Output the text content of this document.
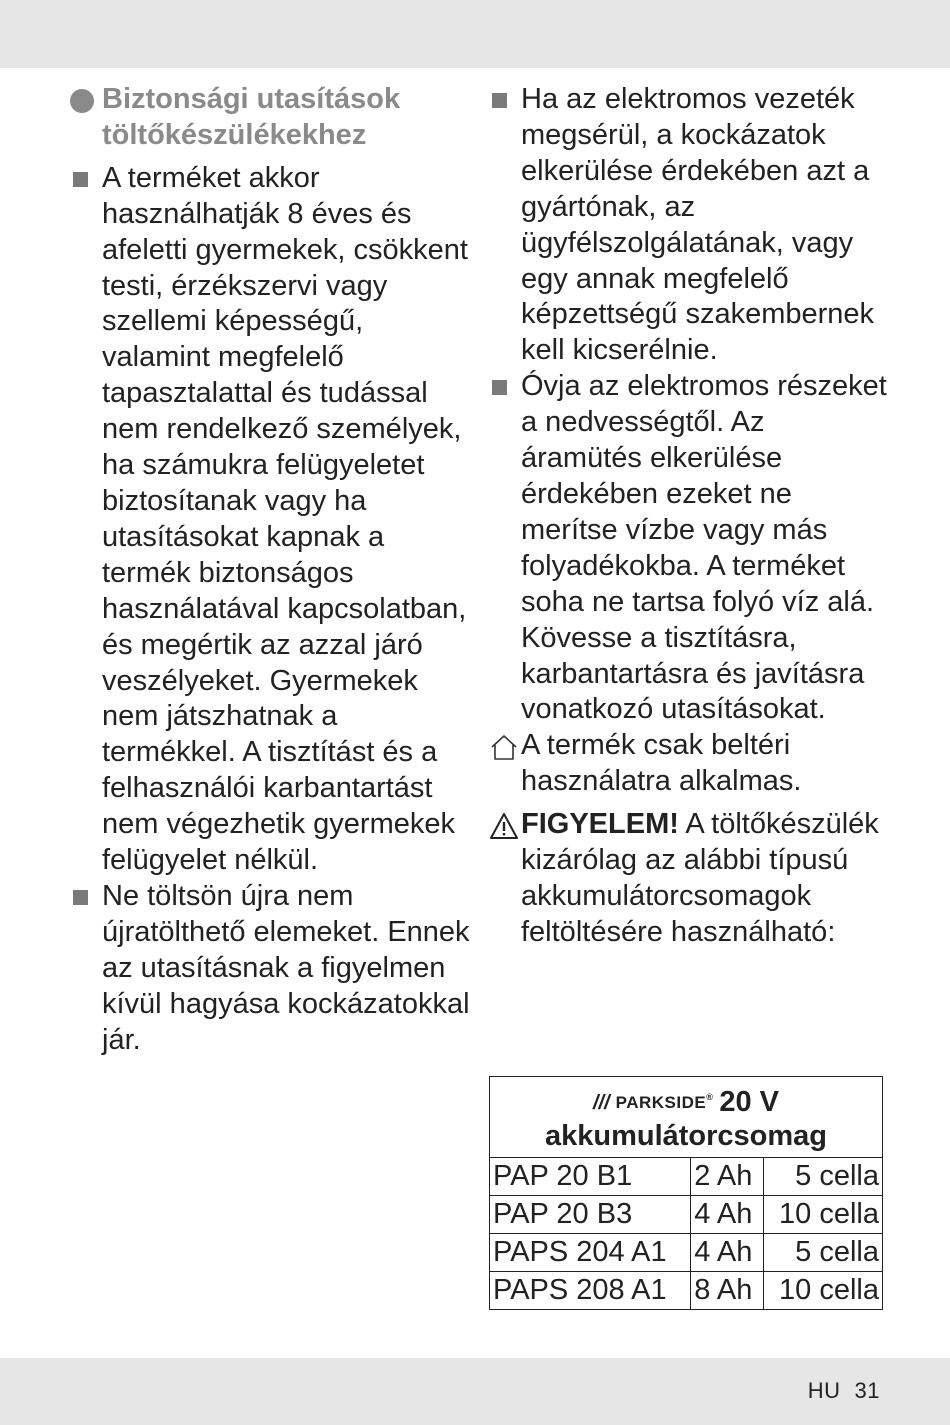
Biztonsági utasítások töltőkészülékekhez
A terméket akkor használhatják 8 éves és afeletti gyermekek, csökkent testi, érzékszervi vagy szellemi képességű, valamint megfelelő tapasztalattal és tudással nem rendelkező személyek, ha számukra felügyeletet biztosítanak vagy ha utasításokat kapnak a termék biztonságos használatával kapcsolatban, és megértik az azzal járó veszélyeket. Gyermekek nem játszhatnak a termékkel. A tisztítást és a felhasználói karbantartást nem végezhetik gyermekek felügyelet nélkül.
Ne töltsön újra nem újratölthető elemeket. Ennek az utasításnak a figyelmen kívül hagyása kockázatokkal jár.
Ha az elektromos vezeték megsérül, a kockázatok elkerülése érdekében azt a gyártónak, az ügyfélszolgálatának, vagy egy annak megfelelő képzettségű szakembernek kell kicserélnie.
Óvja az elektromos részeket a nedvességtől. Az áramütés elkerülése érdekében ezeket ne merítse vízbe vagy más folyadékokba. A terméket soha ne tartsa folyó víz alá. Kövesse a tisztításra, karbantartásra és javításra vonatkozó utasításokat.
A termék csak beltéri használatra alkalmas.
FIGYELEM! A töltőkészülék kizárólag az alábbi típusú akkumulátorcsomagok feltöltésére használható:
/// PARKSIDE® 20 V
akkumulátorcsomag		
PAP 20 B1	2 Ah	5 cella
PAP 20 B3	4 Ah	10 cella
PAPS 204 A1	4 Ah	5 cella
PAPS 208 A1	8 Ah	10 cella
HU 31
